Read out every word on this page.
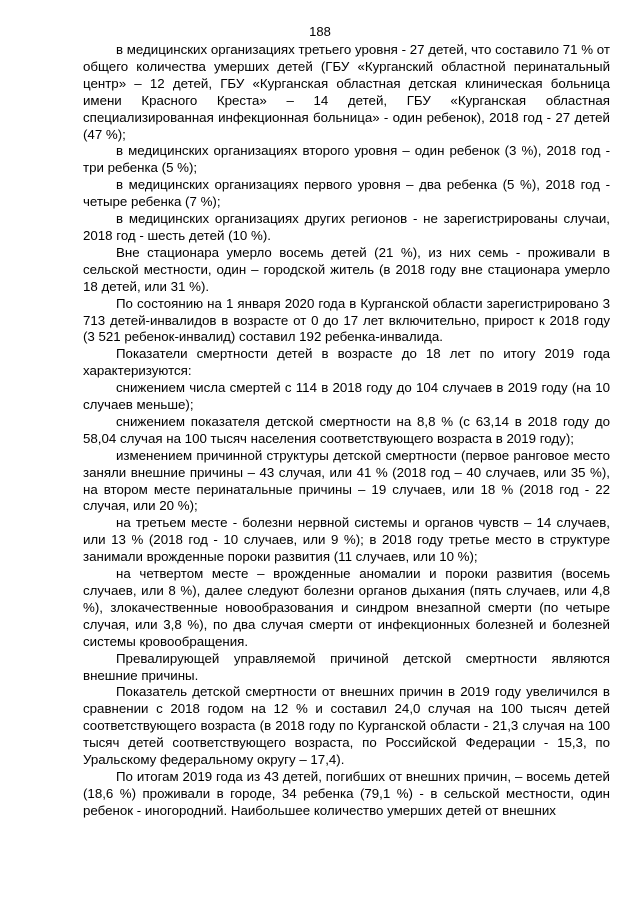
188

в медицинских организациях третьего уровня - 27 детей, что составило 71 % от общего количества умерших детей (ГБУ «Курганский областной перинатальный центр» – 12 детей, ГБУ «Курганская областная детская клиническая больница имени Красного Креста» – 14 детей, ГБУ «Курганская областная специализированная инфекционная больница» - один ребенок), 2018 год - 27 детей (47 %);

в медицинских организациях второго уровня – один ребенок (3 %), 2018 год - три ребенка (5 %);

в медицинских организациях первого уровня – два ребенка (5 %), 2018 год - четыре ребенка (7 %);

в медицинских организациях других регионов - не зарегистрированы случаи, 2018 год - шесть детей (10 %).

Вне стационара умерло восемь детей (21 %), из них семь - проживали в сельской местности, один – городской житель (в 2018 году вне стационара умерло 18 детей, или 31 %).

По состоянию на 1 января 2020 года в Курганской области зарегистрировано 3 713 детей-инвалидов в возрасте от 0 до 17 лет включительно, прирост к 2018 году (3 521 ребенок-инвалид) составил 192 ребенка-инвалида.

Показатели смертности детей в возрасте до 18 лет по итогу 2019 года характеризуются:

снижением числа смертей с 114 в 2018 году до 104 случаев в 2019 году (на 10 случаев меньше);

снижением показателя детской смертности на 8,8 % (с 63,14 в 2018 году до 58,04 случая на 100 тысяч населения соответствующего возраста в 2019 году);

изменением причинной структуры детской смертности (первое ранговое место заняли внешние причины – 43 случая, или 41 % (2018 год – 40 случаев, или 35 %), на втором месте перинатальные причины – 19 случаев, или 18 % (2018 год - 22 случая, или 20 %);

на третьем месте - болезни нервной системы и органов чувств – 14 случаев, или 13 % (2018 год - 10 случаев, или 9 %); в 2018 году третье место в структуре занимали врожденные пороки развития (11 случаев, или 10 %);

на четвертом месте – врожденные аномалии и пороки развития (восемь случаев, или 8 %), далее следуют болезни органов дыхания (пять случаев, или 4,8 %), злокачественные новообразования и синдром внезапной смерти (по четыре случая, или 3,8 %), по два случая смерти от инфекционных болезней и болезней системы кровообращения.

Превалирующей управляемой причиной детской смертности являются внешние причины.

Показатель детской смертности от внешних причин в 2019 году увеличился в сравнении с 2018 годом на 12 % и составил 24,0 случая на 100 тысяч детей соответствующего возраста (в 2018 году по Курганской области - 21,3 случая на 100 тысяч детей соответствующего возраста, по Российской Федерации - 15,3, по Уральскому федеральному округу – 17,4).

По итогам 2019 года из 43 детей, погибших от внешних причин, – восемь детей (18,6 %) проживали в городе, 34 ребенка (79,1 %) - в сельской местности, один ребенок - иногородний. Наибольшее количество умерших детей от внешних
